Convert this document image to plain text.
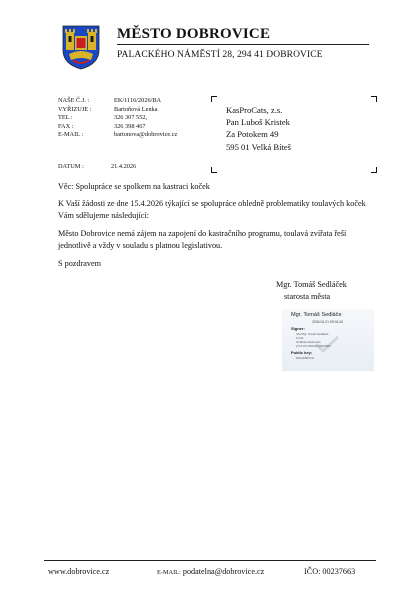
MĚSTO DOBROVICE
PALACKÉHO NÁMĚSTÍ 28, 294 41 DOBROVICE
NAŠE Č.J. :	EK/1116/2026/BA
VYŘIZUJE :	Bartoňová Lenka
TEL :	326 307 552,
FAX :	326 398 467
E-MAIL :	bartonova@dobrovice.cz
KasProCats, z.s.
Pan Luboš Kristek
Za Potokem 49
595 01 Velká Bíteš
DATUM :	21.4.2026
Věc: Spolupráce se spolkem na kastraci koček
K Vaší žádosti ze dne 15.4.2026 týkající se spolupráce ohledně problematiky toulavých koček Vám sdělujeme následující:
Město Dobrovice nemá zájem na zapojení do kastračního programu, toulavá zvířata řeší jednotlivě a vždy v souladu s platnou legislativou.
S pozdravem
Mgr. Tomáš Sedláček
starosta města
Mgr. Tomáš Sedláče
2026.04.21 09:02:40
Signer:
CN=Mgr. Tomáš Sedláček
C=CZ
O=Město Dobrovice
2.5.4.97=NTRCZ-00237663
Public key:
RSA/4096 bits
www.dobrovice.cz	E-MAIL: podatelna@dobrovice.cz	IČO: 00237663
